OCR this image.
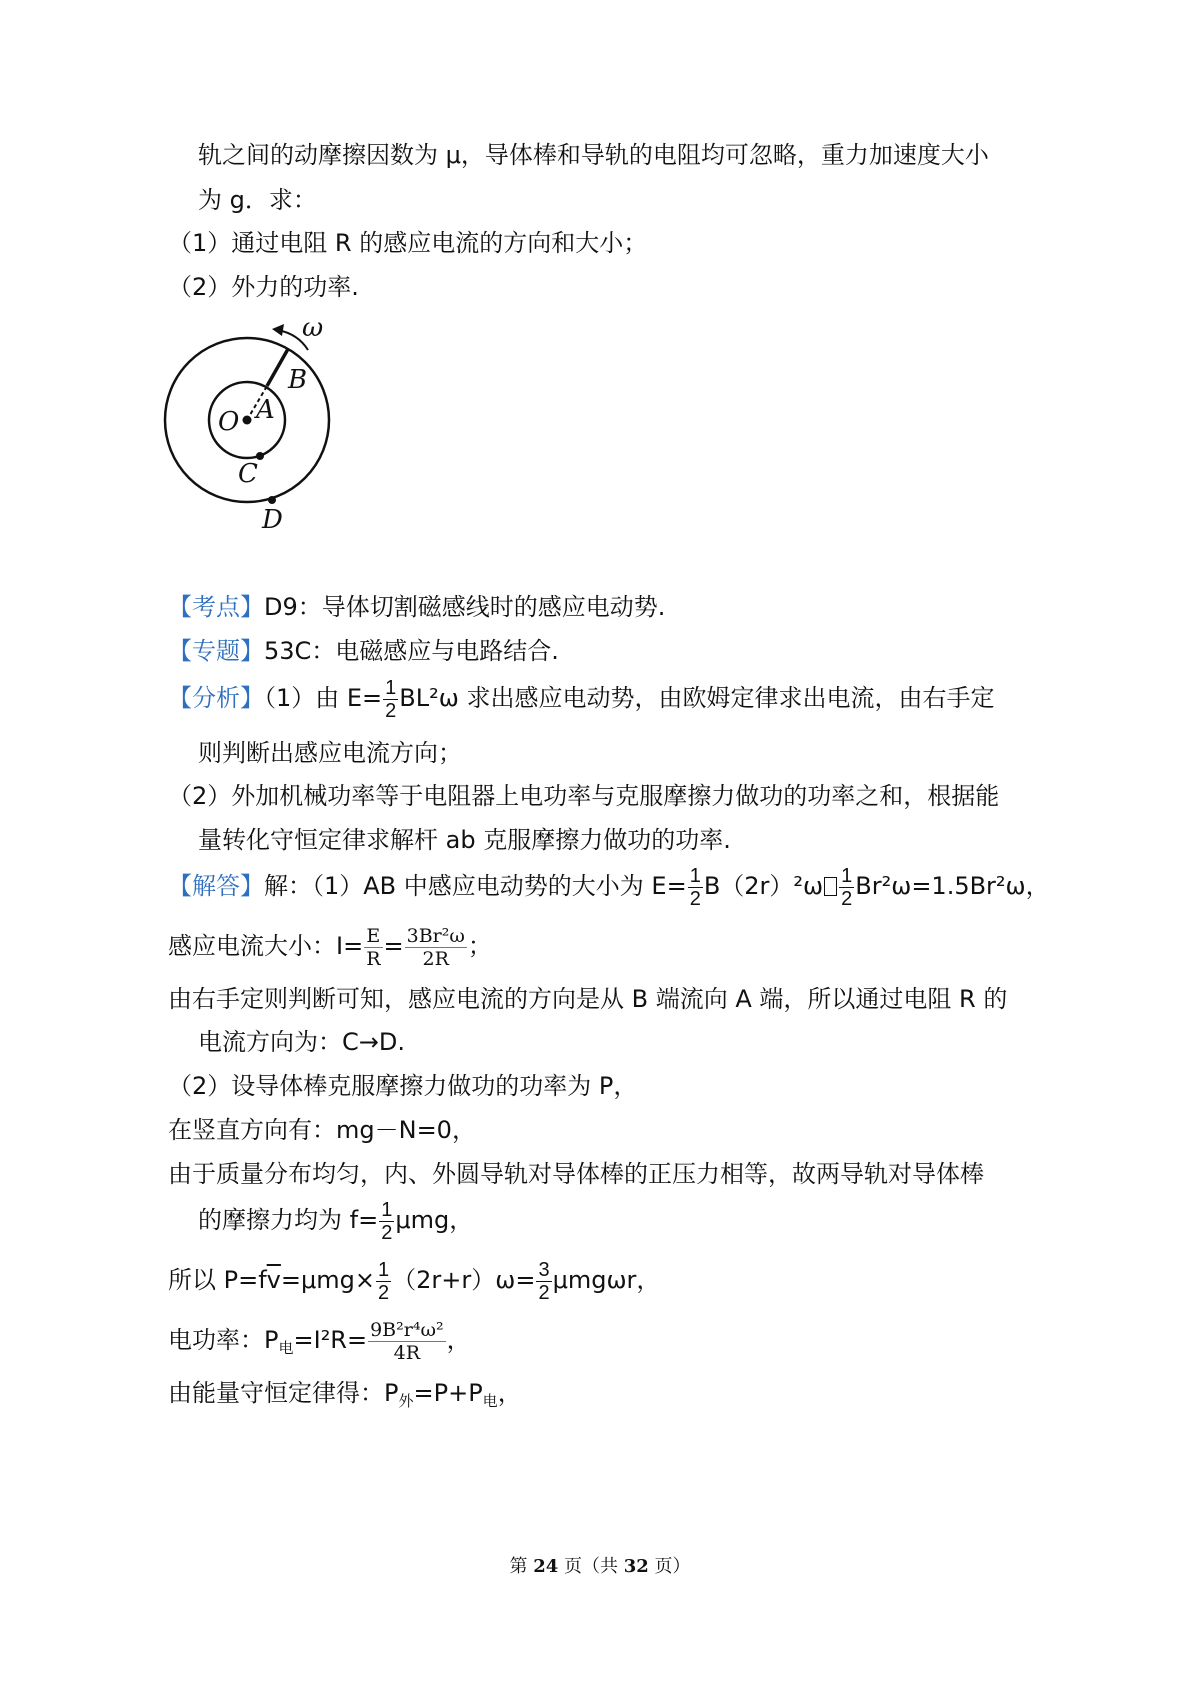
轨之间的动摩擦因数为 μ，导体棒和导轨的电阻均可忽略，重力加速度大小
为 g．求：
（1）通过电阻 R 的感应电流的方向和大小；
（2）外力的功率.
ω
B
O A
C
D
【考点】D9：导体切割磁感线时的感应电动势.
【专题】53C：电磁感应与电路结合.
【分析】（1）由 $E= \frac{1}{2} BL^2\omega$ 求出感应电动势，由欧姆定律求出电流，由右手定
则判断出感应电流方向；
（2）外加机械功率等于电阻器上电功率与克服摩擦力做功的功率之和，根据能
量转化守恒定律求解杆 ab 克服摩擦力做功的功率.
【解答】解：（1）AB 中感应电动势的大小为 $E= \frac{1}{2} B(2r)^2\omega \frac{1}{2} Br^2\omega=1.5Br^2\omega$，
感应电流大小：$I= \frac{E}{R} = \frac{\text{3Br²ω}}{2R}$ ；
由右手定则判断可知，感应电流的方向是从 B 端流向 A 端，所以通过电阻 R 的
电流方向为：C→D.
（2）设导体棒克服摩擦力做功的功率为 P，
在竖直方向有：mg－N=0，
由于质量分布均匀，内、外圆导轨对导体棒的正压力相等，故两导轨对导体棒
的摩擦力均为 $f= \frac{1}{2}$ μmg，
所以 $P=f\overline{v}=\mu mg\times \frac{1}{2} (2r+r)\omega= \frac{3}{2}$ μmgωr，
电功率：$P_电=I^2R= \frac{\text{9B²r⁴ω²}}{4R}$ ，
由能量守恒定律得：$P_外=P+P_电$，
第 24 页（共 32 页）
